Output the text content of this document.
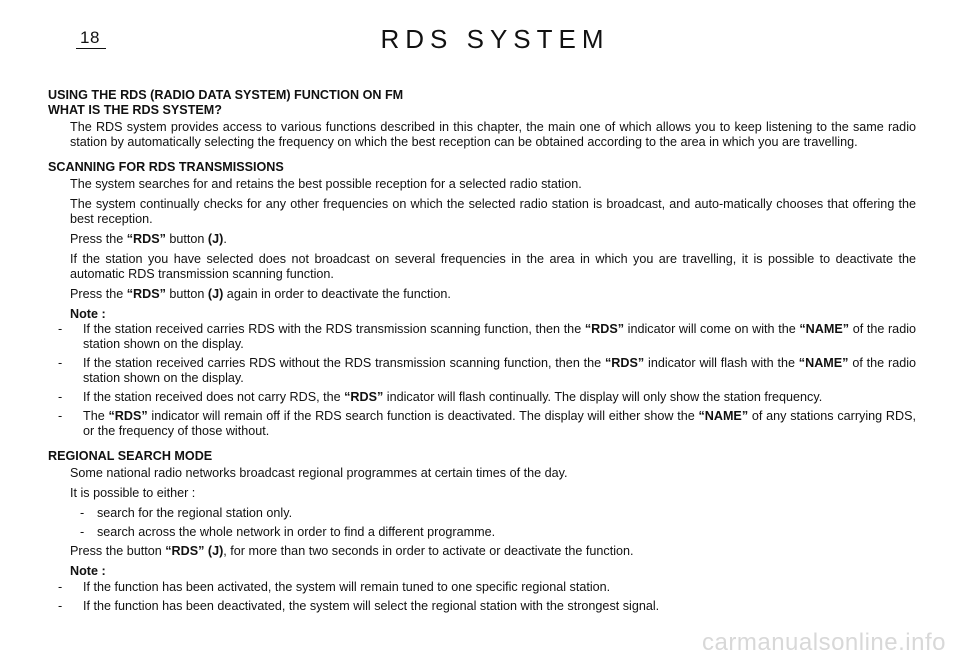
18	RDS SYSTEM

USING THE RDS (RADIO DATA SYSTEM) FUNCTION ON FM

WHAT IS THE RDS SYSTEM?

The RDS system provides access to various functions described in this chapter, the main one of which allows you to keep listening to the same radio station by automatically selecting the frequency on which the best reception can be obtained according to the area in which you are travelling.

SCANNING FOR RDS TRANSMISSIONS

The system searches for and retains the best possible reception for a selected radio station.

The system continually checks for any other frequencies on which the selected radio station is broadcast, and auto-matically chooses that offering the best reception.

Press the “RDS” button (J).

If the station you have selected does not broadcast on several frequencies in the area in which you are travelling, it is possible to deactivate the automatic RDS transmission scanning function.

Press the “RDS” button (J) again in order to deactivate the function.

Note :

-	If the station received carries RDS with the RDS transmission scanning function, then the “RDS” indicator will come on with the “NAME” of the radio station shown on the display.
-	If the station received carries RDS without the RDS transmission scanning function, then the “RDS” indicator will flash with the “NAME” of the radio station shown on the display.
-	If the station received does not carry RDS, the “RDS” indicator will flash continually. The display will only show the station frequency.
-	The “RDS” indicator will remain off if the RDS search function is deactivated. The display will either show the “NAME” of any stations carrying RDS, or the frequency of those without.

REGIONAL SEARCH MODE

Some national radio networks broadcast regional programmes at certain times of the day.

It is possible to either :

-	search for the regional station only.
-	search across the whole network in order to find a different programme.

Press the button “RDS” (J), for more than two seconds in order to activate or deactivate the function.

Note :

-	If the function has been activated, the system will remain tuned to one specific regional station.
-	If the function has been deactivated, the system will select the regional station with the strongest signal.
carmanualsonline.info
